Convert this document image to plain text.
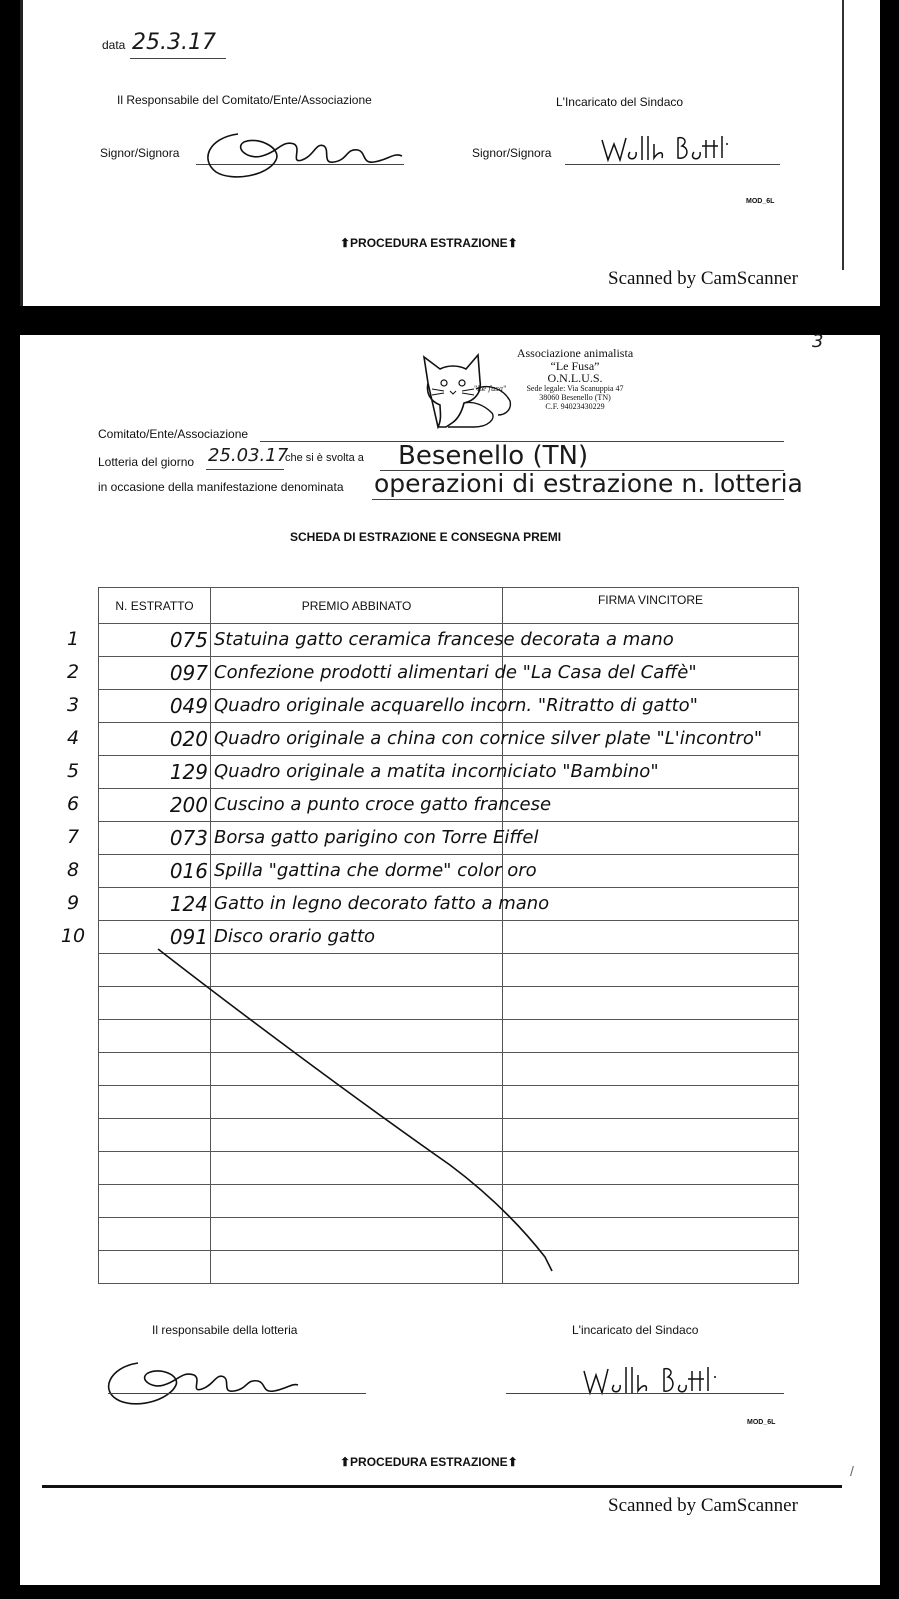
data 25.3.17
Il Responsabile del Comitato/Ente/Associazione	L'Incaricato del Sindaco
Signor/Signora	Signor/Signora
MOD_6L
⬆PROCEDURA ESTRAZIONE⬆
Scanned by CamScanner
3
"Le fusa"
Associazione animalista
“Le Fusa”
O.N.L.U.S.
Sede legale: Via Scanuppia 47
38060 Besenello (TN)
C.F. 94023430229
Comitato/Ente/Associazione
Lotteria del giorno 25.03.17
che si è svolta a Besenello (TN)
in occasione della manifestazione denominata operazioni di estrazione n. lotteria
SCHEDA DI ESTRAZIONE E CONSEGNA PREMI
N. ESTRATTO	PREMIO ABBINATO	FIRMA VINCITORE

1 075	Statuina gatto ceramica francese decorata a mano	

2 097	Confezione prodotti alimentari de "La Casa del Caffè"	

3 049	Quadro originale acquarello incorn. "Ritratto di gatto"	

4 020	Quadro originale a china con cornice silver plate "L'incontro"	

5 129	Quadro originale a matita incorniciato "Bambino"	

6 200	Cuscino a punto croce gatto francese	

7 073	Borsa gatto parigino con Torre Eiffel	

8 016	Spilla "gattina che dorme" color oro	

9 124	Gatto in legno decorato fatto a mano	

10 091	Disco orario gatto	

Il responsabile della lotteria	L'incaricato del Sindaco
MOD_6L
⬆PROCEDURA ESTRAZIONE⬆
/
Scanned by CamScanner
